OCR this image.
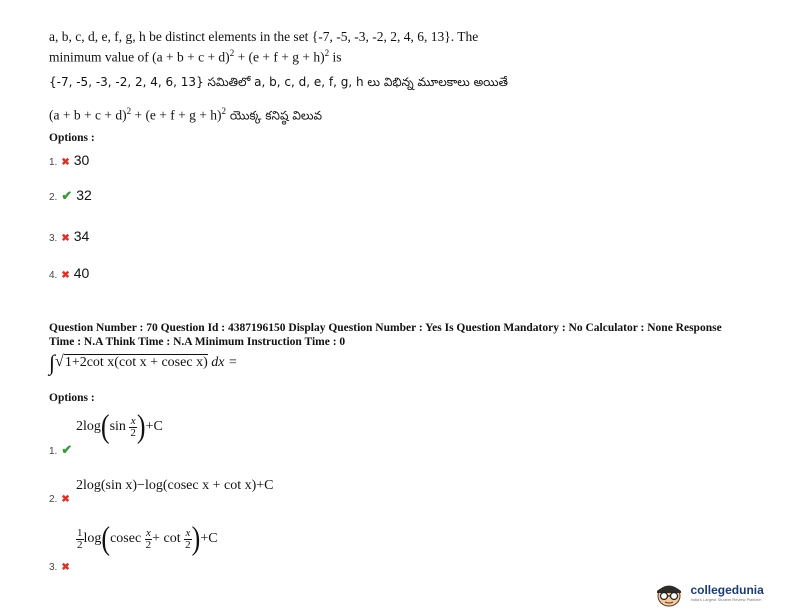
a, b, c, d, e, f, g, h be distinct elements in the set {-7, -5, -3, -2, 2, 4, 6, 13}. The
minimum value of $(a + b + c + d)^2 + (e + f + g + h)^2$ is
{-7, -5, -3, -2, 2, 4, 6, 13} సమితిలో a, b, c, d, e, f, g, h లు విభిన్న మూలకాలు అయితే
$(a + b + c + d)^2 + (e + f + g + h)^2$ యొక్క కనిష్ఠ విలువ
Options :
1. ✖ 30
2. ✔ 32
3. ✖ 34
4. ✖ 40
Question Number : 70 Question Id : 4387196150 Display Question Number : Yes Is Question Mandatory : No Calculator : None Response
Time : N.A Think Time : N.A Minimum Instruction Time : 0
∫√1+2cot x(cot x + cosec x) dx =
Options :
$2\log(\sin \frac{x}{2} )+C$
1. ✔
2log(sin x)−log(cosec x + cot x)+C
2. ✖
$\frac{1}{2} \log(cosec \frac{x}{2} + \cot \frac{x}{2} )+C$
3. ✖

collegedunia
India's Largest Student Review Platform
